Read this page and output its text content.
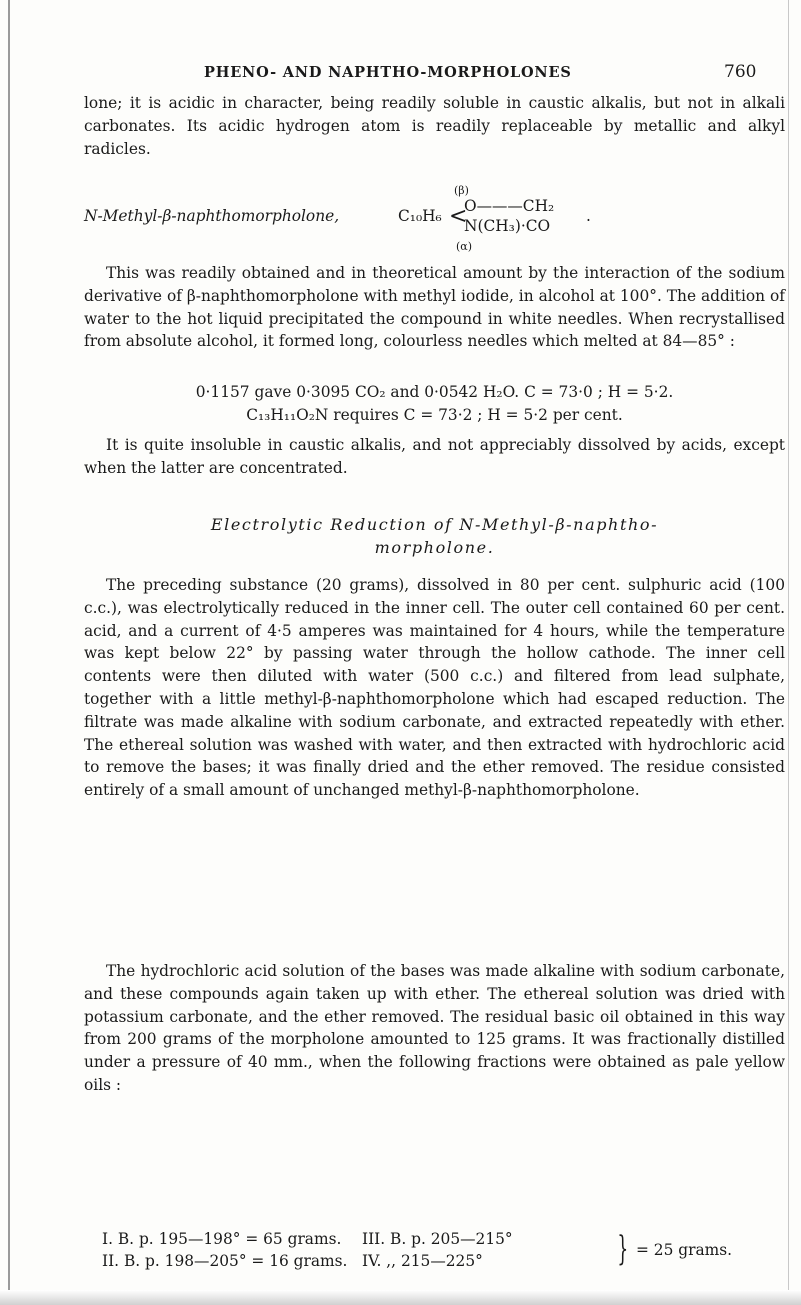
PHENO- AND NAPHTHO-MORPHOLONES	760

lone; it is acidic in character, being readily soluble in caustic alkalis, but not in alkali carbonates. Its acidic hydrogen atom is readily replaceable by metallic and alkyl radicles.

(β)
N-Methyl-β-naphthomorpholone,	C₁₀H₆ <
O———CH₂
N(CH₃)·CO
.
(α)

This was readily obtained and in theoretical amount by the interaction of the sodium derivative of β-naphthomorpholone with methyl iodide, in alcohol at 100°. The addition of water to the hot liquid precipitated the compound in white needles. When recrystallised from absolute alcohol, it formed long, colourless needles which melted at 84—85° :

0·1157 gave 0·3095 CO₂ and 0·0542 H₂O. C = 73·0 ; H = 5·2.

C₁₃H₁₁O₂N requires C = 73·2 ; H = 5·2 per cent.

It is quite insoluble in caustic alkalis, and not appreciably dissolved by acids, except when the latter are concentrated.

Electrolytic Reduction of N-Methyl-β-naphtho-

morpholone.

The preceding substance (20 grams), dissolved in 80 per cent. sulphuric acid (100 c.c.), was electrolytically reduced in the inner cell. The outer cell contained 60 per cent. acid, and a current of 4·5 amperes was maintained for 4 hours, while the temperature was kept below 22° by passing water through the hollow cathode. The inner cell contents were then diluted with water (500 c.c.) and filtered from lead sulphate, together with a little methyl-β-naphthomorpholone which had escaped reduction. The filtrate was made alkaline with sodium carbonate, and extracted repeatedly with ether. The ethereal solution was washed with water, and then extracted with hydrochloric acid to remove the bases; it was finally dried and the ether removed. The residue consisted entirely of a small amount of unchanged methyl-β-naphthomorpholone.

The hydrochloric acid solution of the bases was made alkaline with sodium carbonate, and these compounds again taken up with ether. The ethereal solution was dried with potassium carbonate, and the ether removed. The residual basic oil obtained in this way from 200 grams of the morpholone amounted to 125 grams. It was fractionally distilled under a pressure of 40 mm., when the following fractions were obtained as pale yellow oils :

I. B. p. 195—198° = 65 grams. III. B. p. 205—215°
II. B. p. 198—205° = 16 grams. IV. ,, 215—225°	} = 25 grams.
